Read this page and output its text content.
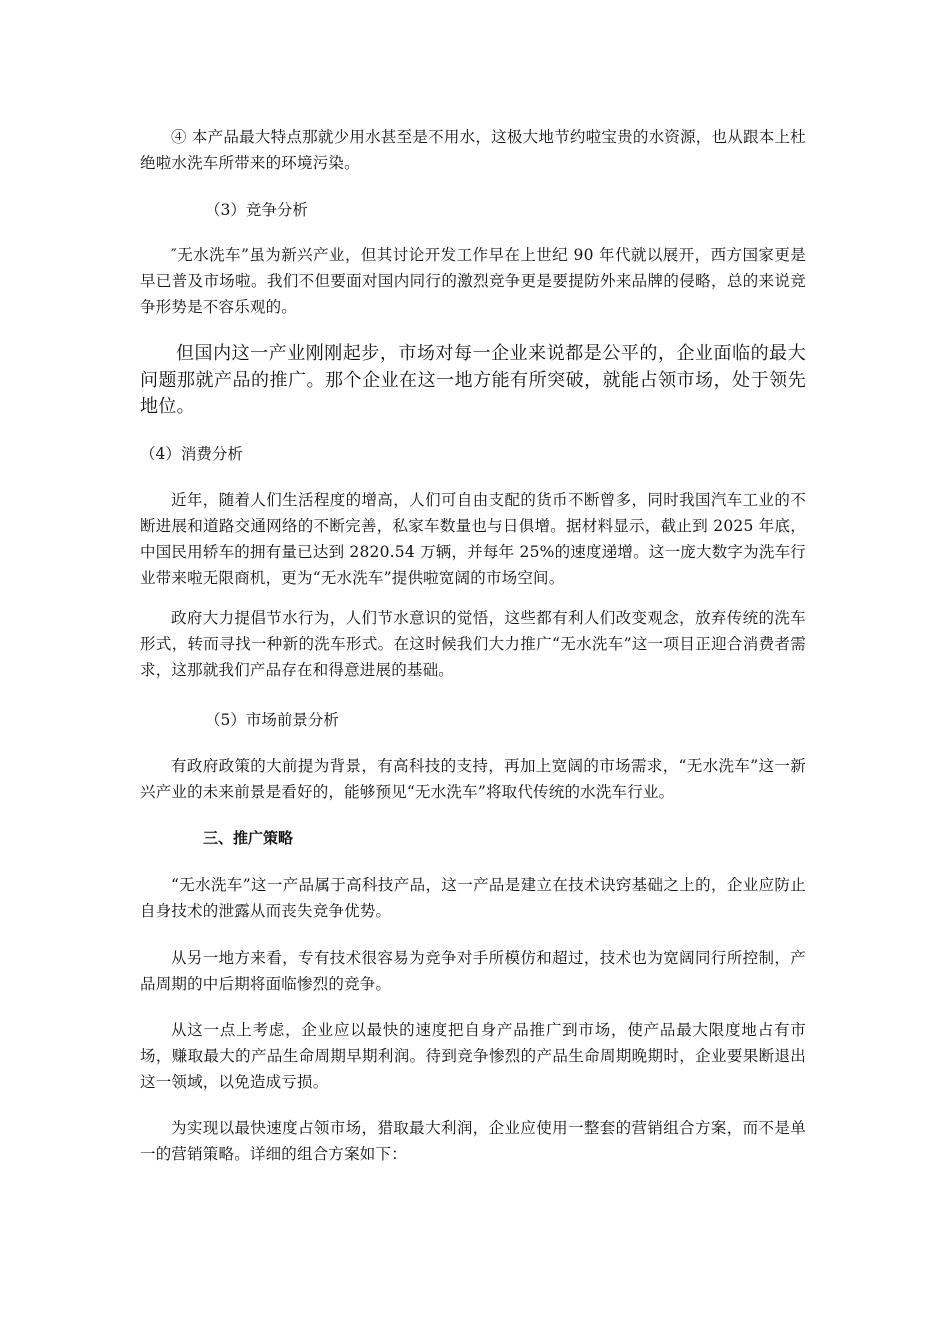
④ 本产品最大特点那就少用水甚至是不用水，这极大地节约啦宝贵的水资源，也从跟本上杜绝啦水洗车所带来的环境污染。

（3）竞争分析

″无水洗车”虽为新兴产业，但其讨论开发工作早在上世纪 90 年代就以展开，西方国家更是早已普及市场啦。我们不但要面对国内同行的激烈竞争更是要提防外来品牌的侵略，总的来说竞争形势是不容乐观的。

但国内这一产业刚刚起步，市场对每一企业来说都是公平的，企业面临的最大问题那就产品的推广。那个企业在这一地方能有所突破，就能占领市场，处于领先地位。

（4）消费分析

近年，随着人们生活程度的增高，人们可自由支配的货币不断曾多，同时我国汽车工业的不断进展和道路交通网络的不断完善，私家车数量也与日俱增。据材料显示，截止到 2025 年底，中国民用轿车的拥有量已达到 2820.54 万辆，并每年 25%的速度递增。这一庞大数字为洗车行业带来啦无限商机，更为“无水洗车”提供啦宽阔的市场空间。

政府大力提倡节水行为，人们节水意识的觉悟，这些都有利人们改变观念，放弃传统的洗车形式，转而寻找一种新的洗车形式。在这时候我们大力推广“无水洗车”这一项目正迎合消费者需求，这那就我们产品存在和得意进展的基础。

（5）市场前景分析

有政府政策的大前提为背景，有高科技的支持，再加上宽阔的市场需求，“无水洗车”这一新兴产业的未来前景是看好的，能够预见“无水洗车”将取代传统的水洗车行业。

三、推广策略

“无水洗车”这一产品属于高科技产品，这一产品是建立在技术诀窍基础之上的，企业应防止自身技术的泄露从而丧失竞争优势。

从另一地方来看，专有技术很容易为竞争对手所模仿和超过，技术也为宽阔同行所控制，产品周期的中后期将面临惨烈的竞争。

从这一点上考虑，企业应以最快的速度把自身产品推广到市场，使产品最大限度地占有市场，赚取最大的产品生命周期早期利润。待到竞争惨烈的产品生命周期晚期时，企业要果断退出这一领域，以免造成亏损。

为实现以最快速度占领市场，猎取最大利润，企业应使用一整套的营销组合方案，而不是单一的营销策略。详细的组合方案如下：
